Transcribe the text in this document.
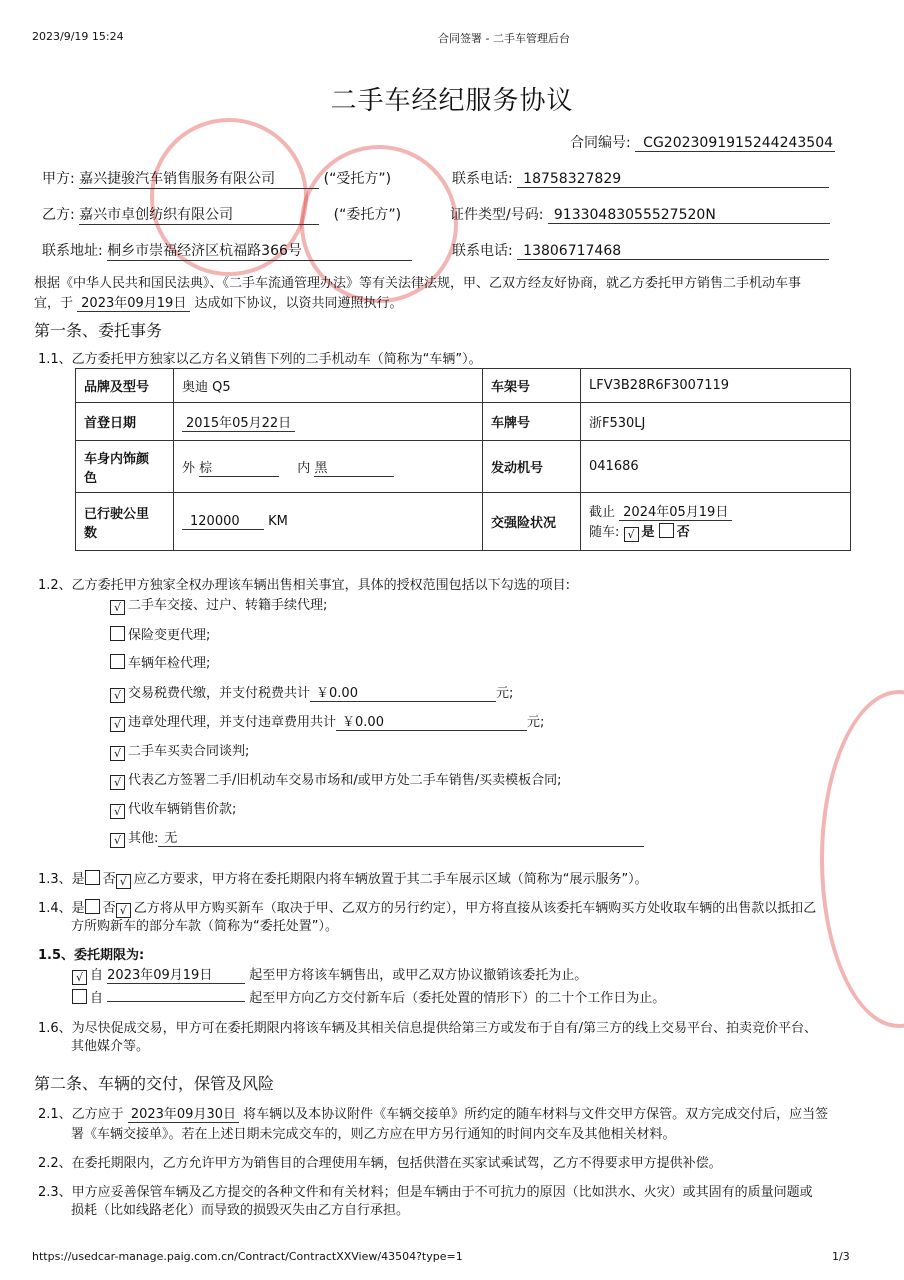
2023/9/19 15:24	合同签署 - 二手车管理后台
https://usedcar-manage.paig.com.cn/Contract/ContractXXView/43504?type=1	1/3
二手车经纪服务协议
合同编号: CG2023091915244243504
甲方: 嘉兴捷骏汽车销售服务有限公司	(“受托方”)	联系电话: 18758327829
乙方: 嘉兴市卓创纺织有限公司	(“委托方”)	证件类型/号码: 91330483055527520N
联系地址: 桐乡市崇福经济区杭福路366号	联系电话: 13806717468
根据《中华人民共和国民法典》、《二手车流通管理办法》等有关法律法规，甲、乙双方经友好协商，就乙方委托甲方销售二手机动车事
宜，于 2023年09月19日 达成如下协议，以资共同遵照执行。
第一条、委托事务
1.1、乙方委托甲方独家以乙方名义销售下列的二手机动车（简称为“车辆”）。
品牌及型号	奥迪 Q5	车架号	LFV3B28R6F3007119
首登日期	2015年05月22日	车牌号	浙F530LJ
车身内饰颜
色	外 棕 内 黑	发动机号	041686
已行驶公里
数	120000 KM	交强险状况	截止 2024年05月19日
随车: √ 是 否
1.2、乙方委托甲方独家全权办理该车辆出售相关事宜，具体的授权范围包括以下勾选的项目:
√ 二手车交接、过户、转籍手续代理;
保险变更代理;
车辆年检代理;
√ 交易税费代缴，并支付税费共计 ￥0.00	元;
√ 违章处理代理，并支付违章费用共计 ￥0.00	元;
√ 二手车买卖合同谈判;
√ 代表乙方签署二手/旧机动车交易市场和/或甲方处二手车销售/买卖模板合同;
√ 代收车辆销售价款;
√ 其他: 无
1.3、是 否 √ 应乙方要求，甲方将在委托期限内将车辆放置于其二手车展示区域（简称为“展示服务”）。
1.4、是 否 √ 乙方将从甲方购买新车（取决于甲、乙双方的另行约定），甲方将直接从该委托车辆购买方处收取车辆的出售款以抵扣乙
方所购新车的部分车款（简称为“委托处置”）。
1.5、委托期限为:
√ 自 2023年09月19日	起至甲方将该车辆售出，或甲乙双方协议撤销该委托为止。
自	起至甲方向乙方交付新车后（委托处置的情形下）的二十个工作日为止。
1.6、为尽快促成交易，甲方可在委托期限内将该车辆及其相关信息提供给第三方或发布于自有/第三方的线上交易平台、拍卖竞价平台、
其他媒介等。
第二条、车辆的交付，保管及风险
2.1、乙方应于 2023年09月30日 将车辆以及本协议附件《车辆交接单》所约定的随车材料与文件交甲方保管。双方完成交付后，应当签
署《车辆交接单》。若在上述日期未完成交车的，则乙方应在甲方另行通知的时间内交车及其他相关材料。
2.2、在委托期限内，乙方允许甲方为销售目的合理使用车辆，包括供潜在买家试乘试驾，乙方不得要求甲方提供补偿。
2.3、甲方应妥善保管车辆及乙方提交的各种文件和有关材料；但是车辆由于不可抗力的原因（比如洪水、火灾）或其固有的质量问题或
损耗（比如线路老化）而导致的损毁灭失由乙方自行承担。
